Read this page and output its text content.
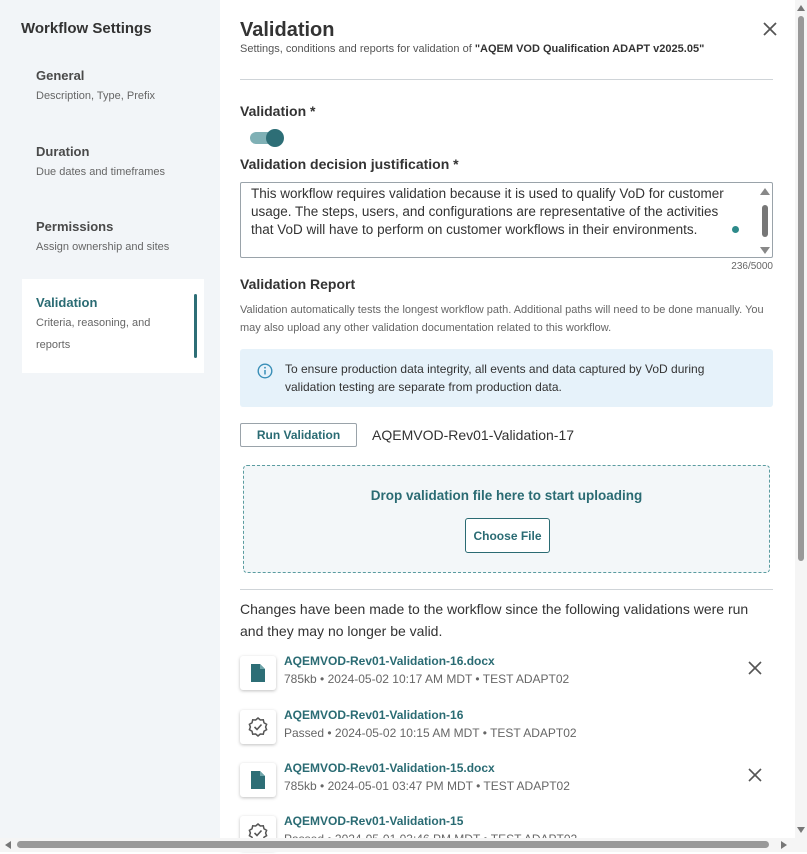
Workflow Settings
General
Description, Type, Prefix
Duration
Due dates and timeframes
Permissions
Assign ownership and sites
Validation
Criteria, reasoning, and reports
Validation
Settings, conditions and reports for validation of "AQEM VOD Qualification ADAPT v2025.05"
Validation *
Validation decision justification *
This workflow requires validation because it is used to qualify VoD for customer usage. The steps, users, and configurations are representative of the activities that VoD will have to perform on customer workflows in their environments.
236/5000
Validation Report
Validation automatically tests the longest workflow path. Additional paths will need to be done manually. You may also upload any other validation documentation related to this workflow.
To ensure production data integrity, all events and data captured by VoD during validation testing are separate from production data.
Run Validation	AQEMVOD-Rev01-Validation-17
Drop validation file here to start uploading
Choose File
Changes have been made to the workflow since the following validations were run and they may no longer be valid.
AQEMVOD-Rev01-Validation-16.docx
785kb • 2024-05-02 10:17 AM MDT • TEST ADAPT02
AQEMVOD-Rev01-Validation-16
Passed • 2024-05-02 10:15 AM MDT • TEST ADAPT02
AQEMVOD-Rev01-Validation-15.docx
785kb • 2024-05-01 03:47 PM MDT • TEST ADAPT02
AQEMVOD-Rev01-Validation-15
